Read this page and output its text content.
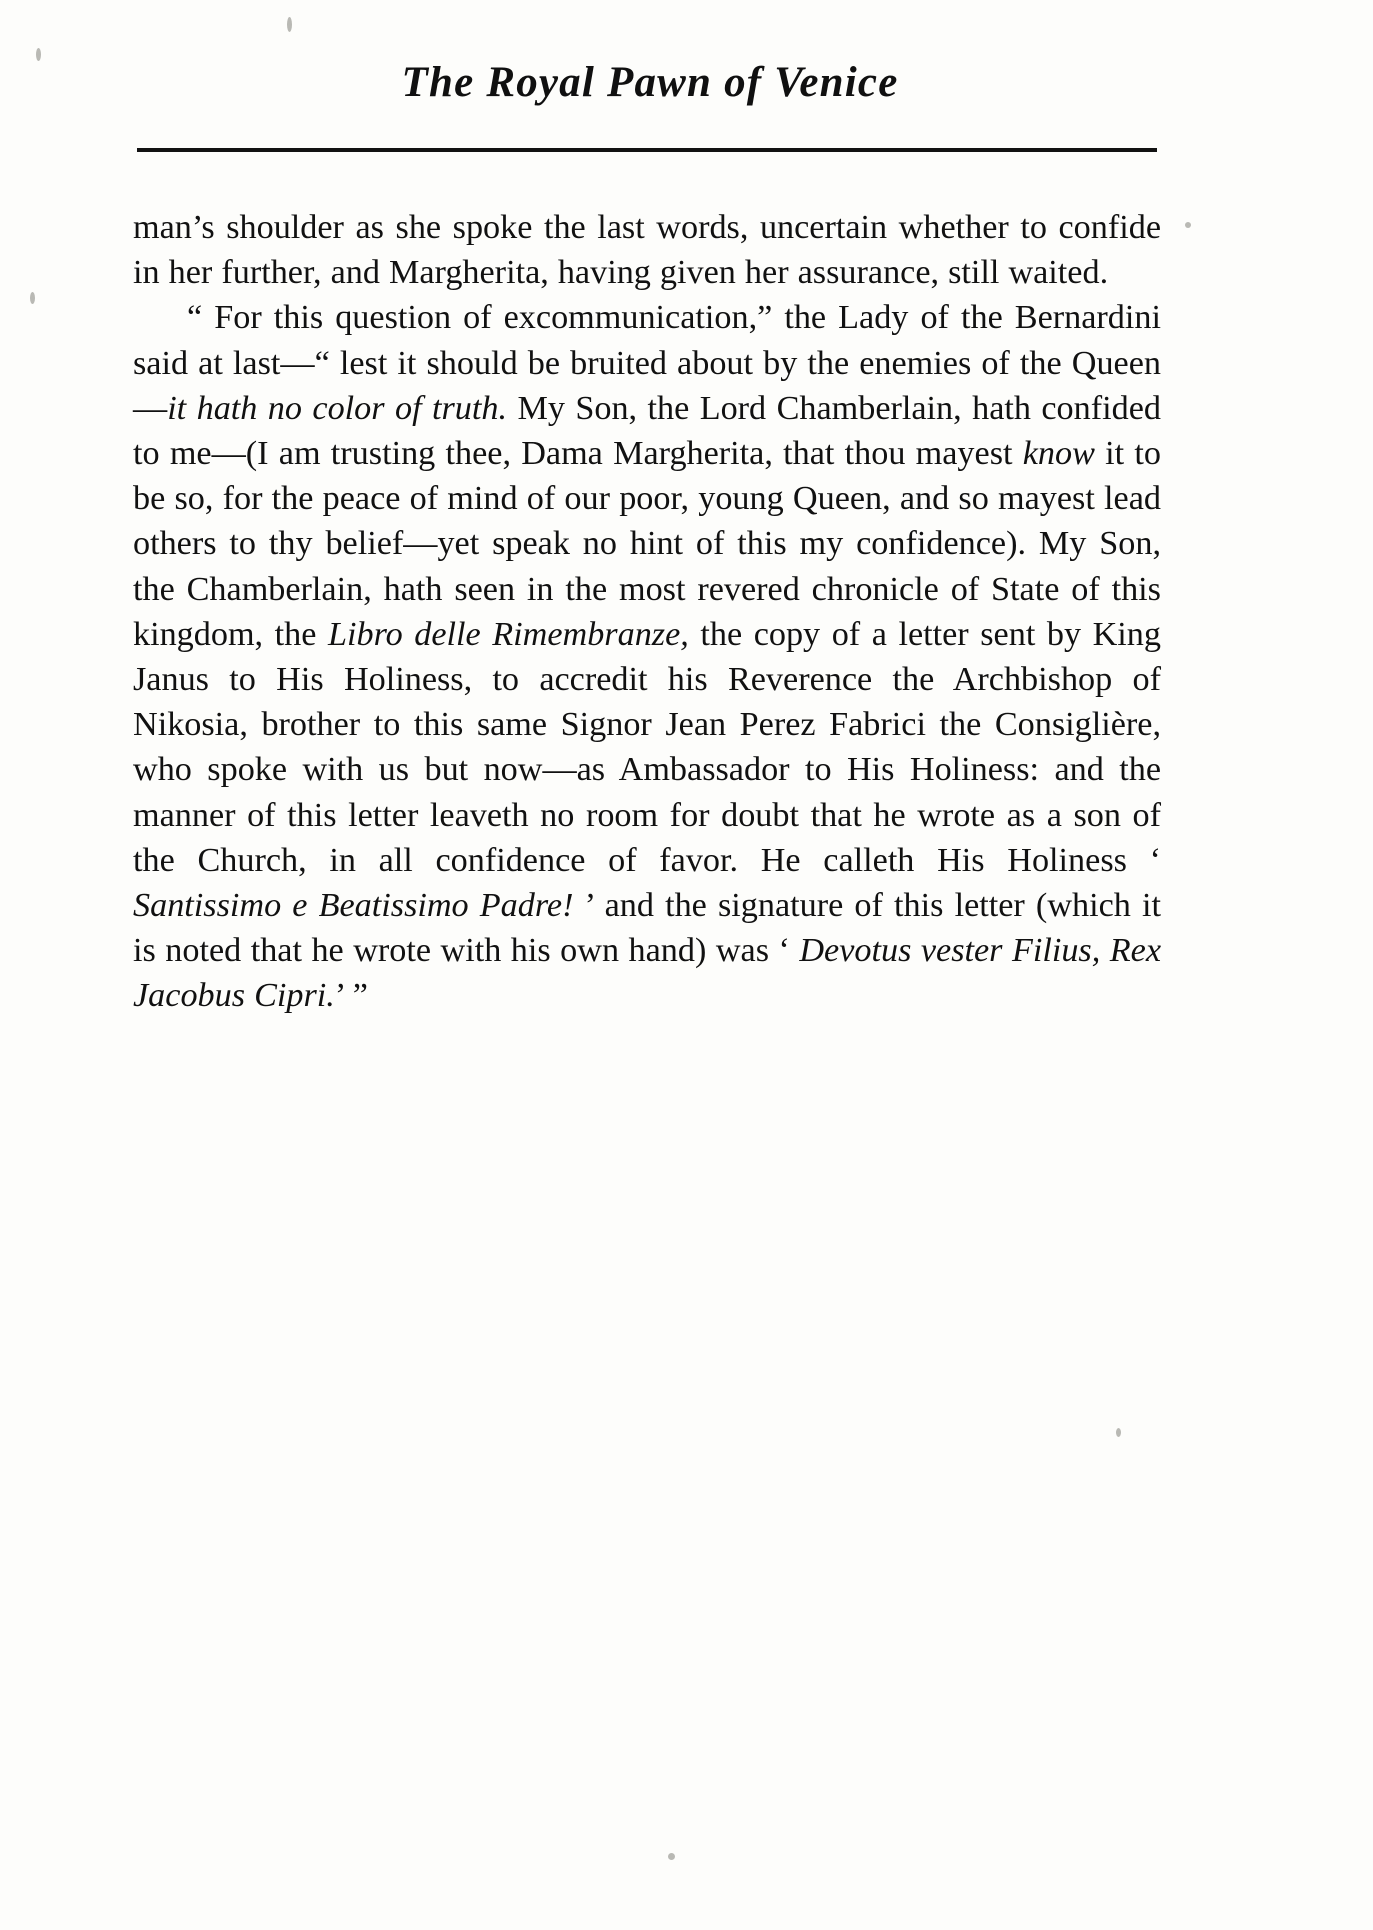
The Royal Pawn of Venice

man’s shoulder as she spoke the last words, uncertain whether to confide in her further, and Margherita, having given her assurance, still waited.

“ For this question of excommunication,” the Lady of the Bernardini said at last—“ lest it should be bruited about by the enemies of the Queen—it hath no color of truth. My Son, the Lord Chamberlain, hath confided to me—(I am trusting thee, Dama Margherita, that thou mayest know it to be so, for the peace of mind of our poor, young Queen, and so mayest lead others to thy belief—yet speak no hint of this my confidence). My Son, the Chamberlain, hath seen in the most revered chronicle of State of this kingdom, the Libro delle Rimembranze, the copy of a letter sent by King Janus to His Holiness, to accredit his Reverence the Archbishop of Nikosia, brother to this same Signor Jean Perez Fabrici the Consiglière, who spoke with us but now—as Ambassador to His Holiness: and the manner of this letter leaveth no room for doubt that he wrote as a son of the Church, in all confidence of favor. He calleth His Holiness ‘ Santissimo e Beatissimo Padre! ’ and the signature of this letter (which it is noted that he wrote with his own hand) was ‘ Devotus vester Filius, Rex Jacobus Cipri.’ ”
